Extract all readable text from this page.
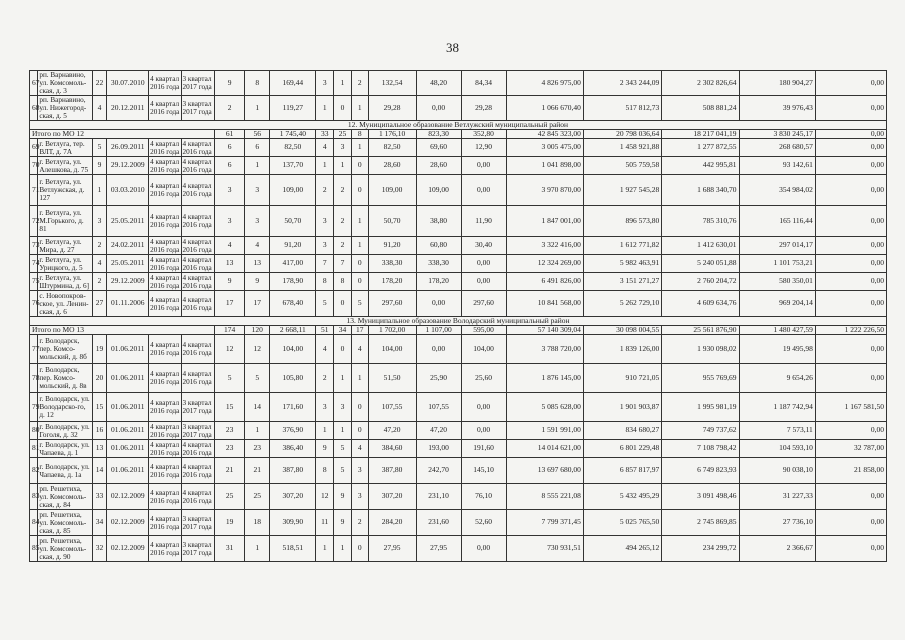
38
67	рп. Варнавино, ул. Комсомоль-ская, д. 3	22	30.07.2010	4 квартал 2016 года	3 квартал 2017 года	9	8	169,44	3	1	2	132,54	48,20	84,34	4 826 975,00	2 343 244,09	2 302 826,64	180 904,27	0,00
68	рп. Варнавино, ул. Нижегород-ская, д. 5	4	20.12.2011	4 квартал 2016 года	3 квартал 2017 года	2	1	119,27	1	0	1	29,28	0,00	29,28	1 066 670,40	517 812,73	508 881,24	39 976,43	0,00
12. Муниципальное образование Ветлужский муниципальный район																			
Итого по МО 12						61	56	1 745,40	33	25	8	1 176,10	823,30	352,80	42 845 323,00	20 798 036,64	18 217 041,19	3 830 245,17	0,00
69	г. Ветлуга, тер. ВЛТ, д. 7А	5	26.09.2011	4 квартал 2016 года	4 квартал 2016 года	6	6	82,50	4	3	1	82,50	69,60	12,90	3 005 475,00	1 458 921,88	1 277 872,55	268 680,57	0,00
70	г. Ветлуга, ул. Алешкова, д. 75	9	29.12.2009	4 квартал 2016 года	4 квартал 2016 года	6	1	137,70	1	1	0	28,60	28,60	0,00	1 041 898,00	505 759,58	442 995,81	93 142,61	0,00
71	г. Ветлуга, ул. Ветлужская, д. 127	1	03.03.2010	4 квартал 2016 года	4 квартал 2016 года	3	3	109,00	2	2	0	109,00	109,00	0,00	3 970 870,00	1 927 545,28	1 688 340,70	354 984,02	0,00
72	г. Ветлуга, ул. М.Горького, д. 81	3	25.05.2011	4 квартал 2016 года	4 квартал 2016 года	3	3	50,70	3	2	1	50,70	38,80	11,90	1 847 001,00	896 573,80	785 310,76	165 116,44	0,00
73	г. Ветлуга, ул. Мира, д. 27	2	24.02.2011	4 квартал 2016 года	4 квартал 2016 года	4	4	91,20	3	2	1	91,20	60,80	30,40	3 322 416,00	1 612 771,82	1 412 630,01	297 014,17	0,00
74	г. Ветлуга, ул. Урицкого, д. 5	4	25.05.2011	4 квартал 2016 года	4 квартал 2016 года	13	13	417,00	7	7	0	338,30	338,30	0,00	12 324 269,00	5 982 463,91	5 240 051,88	1 101 753,21	0,00
75	г. Ветлуга, ул. Штурмина, д. 6]	2	29.12.2009	4 квартал 2016 года	4 квартал 2016 года	9	9	178,90	8	8	0	178,20	178,20	0,00	6 491 826,00	3 151 271,27	2 760 204,72	580 350,01	0,00
76	с. Новопокров-ское, ул. Ленин-ская, д. 6	27	01.11.2006	4 квартал 2016 года	4 квартал 2016 года	17	17	678,40	5	0	5	297,60	0,00	297,60	10 841 568,00	5 262 729,10	4 609 634,76	969 204,14	0,00
13. Муниципальное образование Володарский муниципальный район																			
Итого по МО 13						174	120	2 668,11	51	34	17	1 702,00	1 107,00	595,00	57 140 309,04	30 098 004,55	25 561 876,90	1 480 427,59	1 222 226,50
77	г. Володарск, пер. Комсо-мольский, д. 8б	19	01.06.2011	4 квартал 2016 года	4 квартал 2016 года	12	12	104,00	4	0	4	104,00	0,00	104,00	3 788 720,00	1 839 126,00	1 930 098,02	19 495,98	0,00
78	г. Володарск, пер. Комсо-мольский, д. 8в	20	01.06.2011	4 квартал 2016 года	4 квартал 2016 года	5	5	105,80	2	1	1	51,50	25,90	25,60	1 876 145,00	910 721,05	955 769,69	9 654,26	0,00
79	г. Володарск, ул. Володарско-го, д. 12	15	01.06.2011	4 квартал 2016 года	3 квартал 2017 года	15	14	171,60	3	3	0	107,55	107,55	0,00	5 085 628,00	1 901 903,87	1 995 981,19	1 187 742,94	1 167 581,50
80	г. Володарск, ул. Гоголя, д. 32	16	01.06.2011	4 квартал 2016 года	3 квартал 2017 года	23	1	376,90	1	1	0	47,20	47,20	0,00	1 591 991,00	834 680,27	749 737,62	7 573,11	0,00
81	г. Володарск, ул. Чапаева, д. 1	13	01.06.2011	4 квартал 2016 года	4 квартал 2016 года	23	23	386,40	9	5	4	384,60	193,00	191,60	14 014 621,00	6 801 229,48	7 108 798,42	104 593,10	32 787,00
82	г. Володарск, ул. Чапаева, д. 1а	14	01.06.2011	4 квартал 2016 года	4 квартал 2016 года	21	21	387,80	8	5	3	387,80	242,70	145,10	13 697 680,00	6 857 817,97	6 749 823,93	90 038,10	21 858,00
83	рп. Решетиха, ул. Комсомоль-ская, д. 84	33	02.12.2009	4 квартал 2016 года	4 квартал 2016 года	25	25	307,20	12	9	3	307,20	231,10	76,10	8 555 221,08	5 432 495,29	3 091 498,46	31 227,33	0,00
84	рп. Решетиха, ул. Комсомоль-ская, д. 85	34	02.12.2009	4 квартал 2016 года	3 квартал 2017 года	19	18	309,90	11	9	2	284,20	231,60	52,60	7 799 371,45	5 025 765,50	2 745 869,85	27 736,10	0,00
85	рп. Решетиха, ул. Комсомоль-ская, д. 90	32	02.12.2009	4 квартал 2016 года	3 квартал 2017 года	31	1	518,51	1	1	0	27,95	27,95	0,00	730 931,51	494 265,12	234 299,72	2 366,67	0,00
